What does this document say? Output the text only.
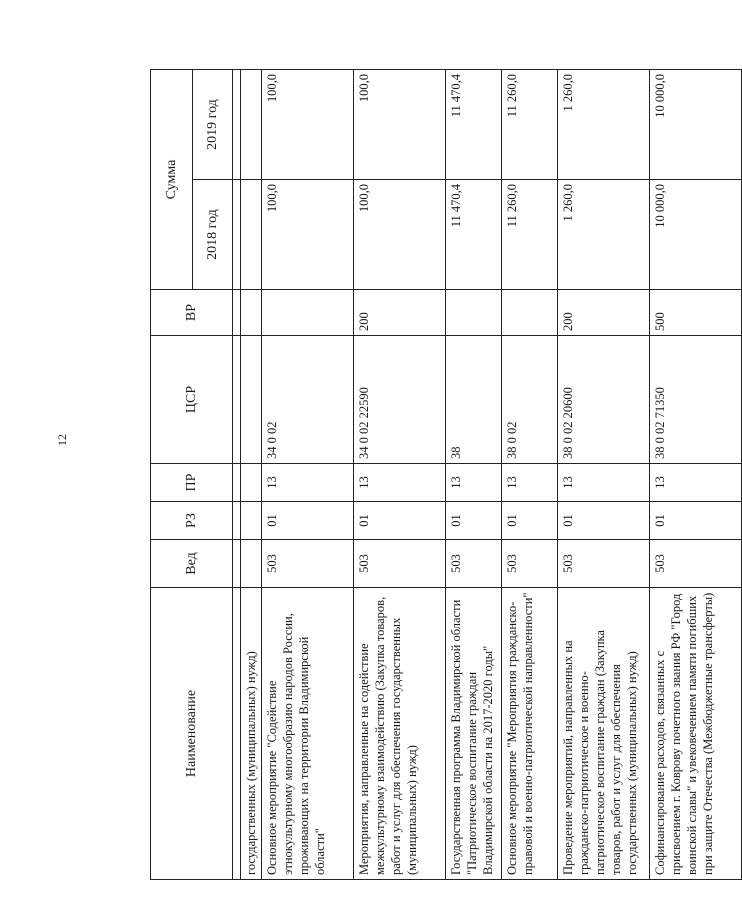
12
Наименование	Вед	РЗ	ПР	ЦСР	ВР	Сумма	
						2018 год	2019 год

государственных (муниципальных) нужд)							
Основное мероприятие "Содействие этнокультурному многообразию народов России, проживающих на территории Владимирской области"	503	01	13	34 0 02		100,0	100,0
Мероприятия, направленные на содействие межкультурному взаимодействию (Закупка товаров, работ и услуг для обеспечения государственных (муниципальных) нужд)	503	01	13	34 0 02 22590	200	100,0	100,0
Государственная программа Владимирской области "Патриотическое воспитание граждан Владимирской области на 2017-2020 годы"	503	01	13	38		11 470,4	11 470,4
Основное мероприятие "Мероприятия гражданско-правовой и военно-патриотической направленности"	503	01	13	38 0 02		11 260,0	11 260,0
Проведение мероприятий, направленных на гражданско-патриотическое и военно-патриотическое воспитание граждан (Закупка товаров, работ и услуг для обеспечения государственных (муниципальных) нужд)	503	01	13	38 0 02 20600	200	1 260,0	1 260,0
Софинансирование расходов, связанных с присвоением г. Коврову почетного звания РФ "Город воинской славы" и увековечением памяти погибших при защите Отечества (Межбюджетные трансферты)	503	01	13	38 0 02 71350	500	10 000,0	10 000,0
